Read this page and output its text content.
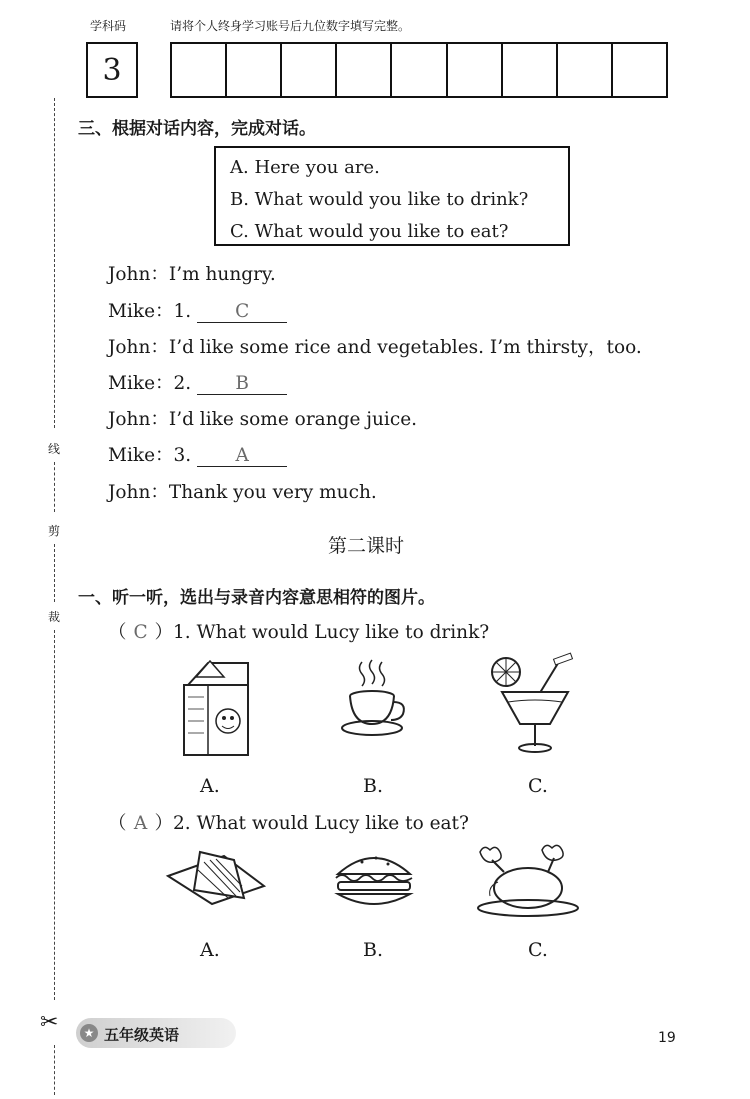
学科码	请将个人终身学习账号后九位数字填写完整。
3
线
剪
裁
✂
三、根据对话内容，完成对话。
A. Here you are.
B. What would you like to drink?
C. What would you like to eat?
John：I’m hungry.
Mike：1. C
John：I’d like some rice and vegetables. I’m thirsty，too.
Mike：2. B
John：I’d like some orange juice.
Mike：3. A
John：Thank you very much.
第二课时
一、听一听，选出与录音内容意思相符的图片。
（ C ）1. What would Lucy like to drink?
A.	B.	C.
（ A ）2. What would Lucy like to eat?
A.	B.	C.
★ 五年级英语	19
